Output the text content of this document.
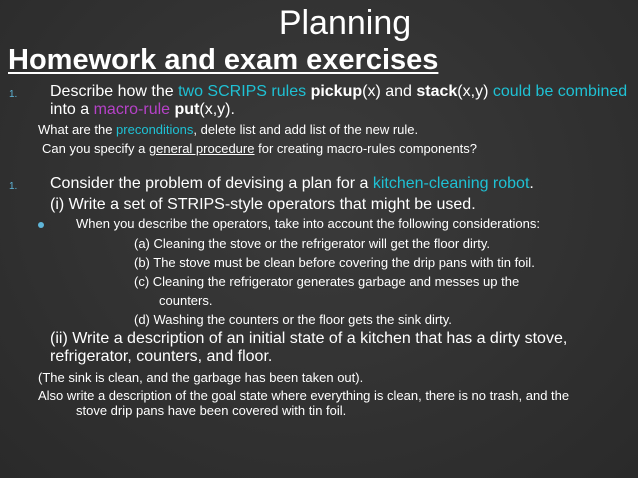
Planning
Homework and exam exercises
1. Describe how the two SCRIPS rules pickup(x) and stack(x,y) could be combined
into a macro-rule put(x,y).
What are the preconditions, delete list and add list of the new rule.
Can you specify a general procedure for creating macro-rules components?
1. Consider the problem of devising a plan for a kitchen-cleaning robot.
(i) Write a set of STRIPS-style operators that might be used.
When you describe the operators, take into account the following considerations:
(a) Cleaning the stove or the refrigerator will get the floor dirty.
(b) The stove must be clean before covering the drip pans with tin foil.
(c) Cleaning the refrigerator generates garbage and messes up the
counters.
(d) Washing the counters or the floor gets the sink dirty.
(ii) Write a description of an initial state of a kitchen that has a dirty stove,
refrigerator, counters, and floor.
(The sink is clean, and the garbage has been taken out).
Also write a description of the goal state where everything is clean, there is no trash, and the
stove drip pans have been covered with tin foil.
